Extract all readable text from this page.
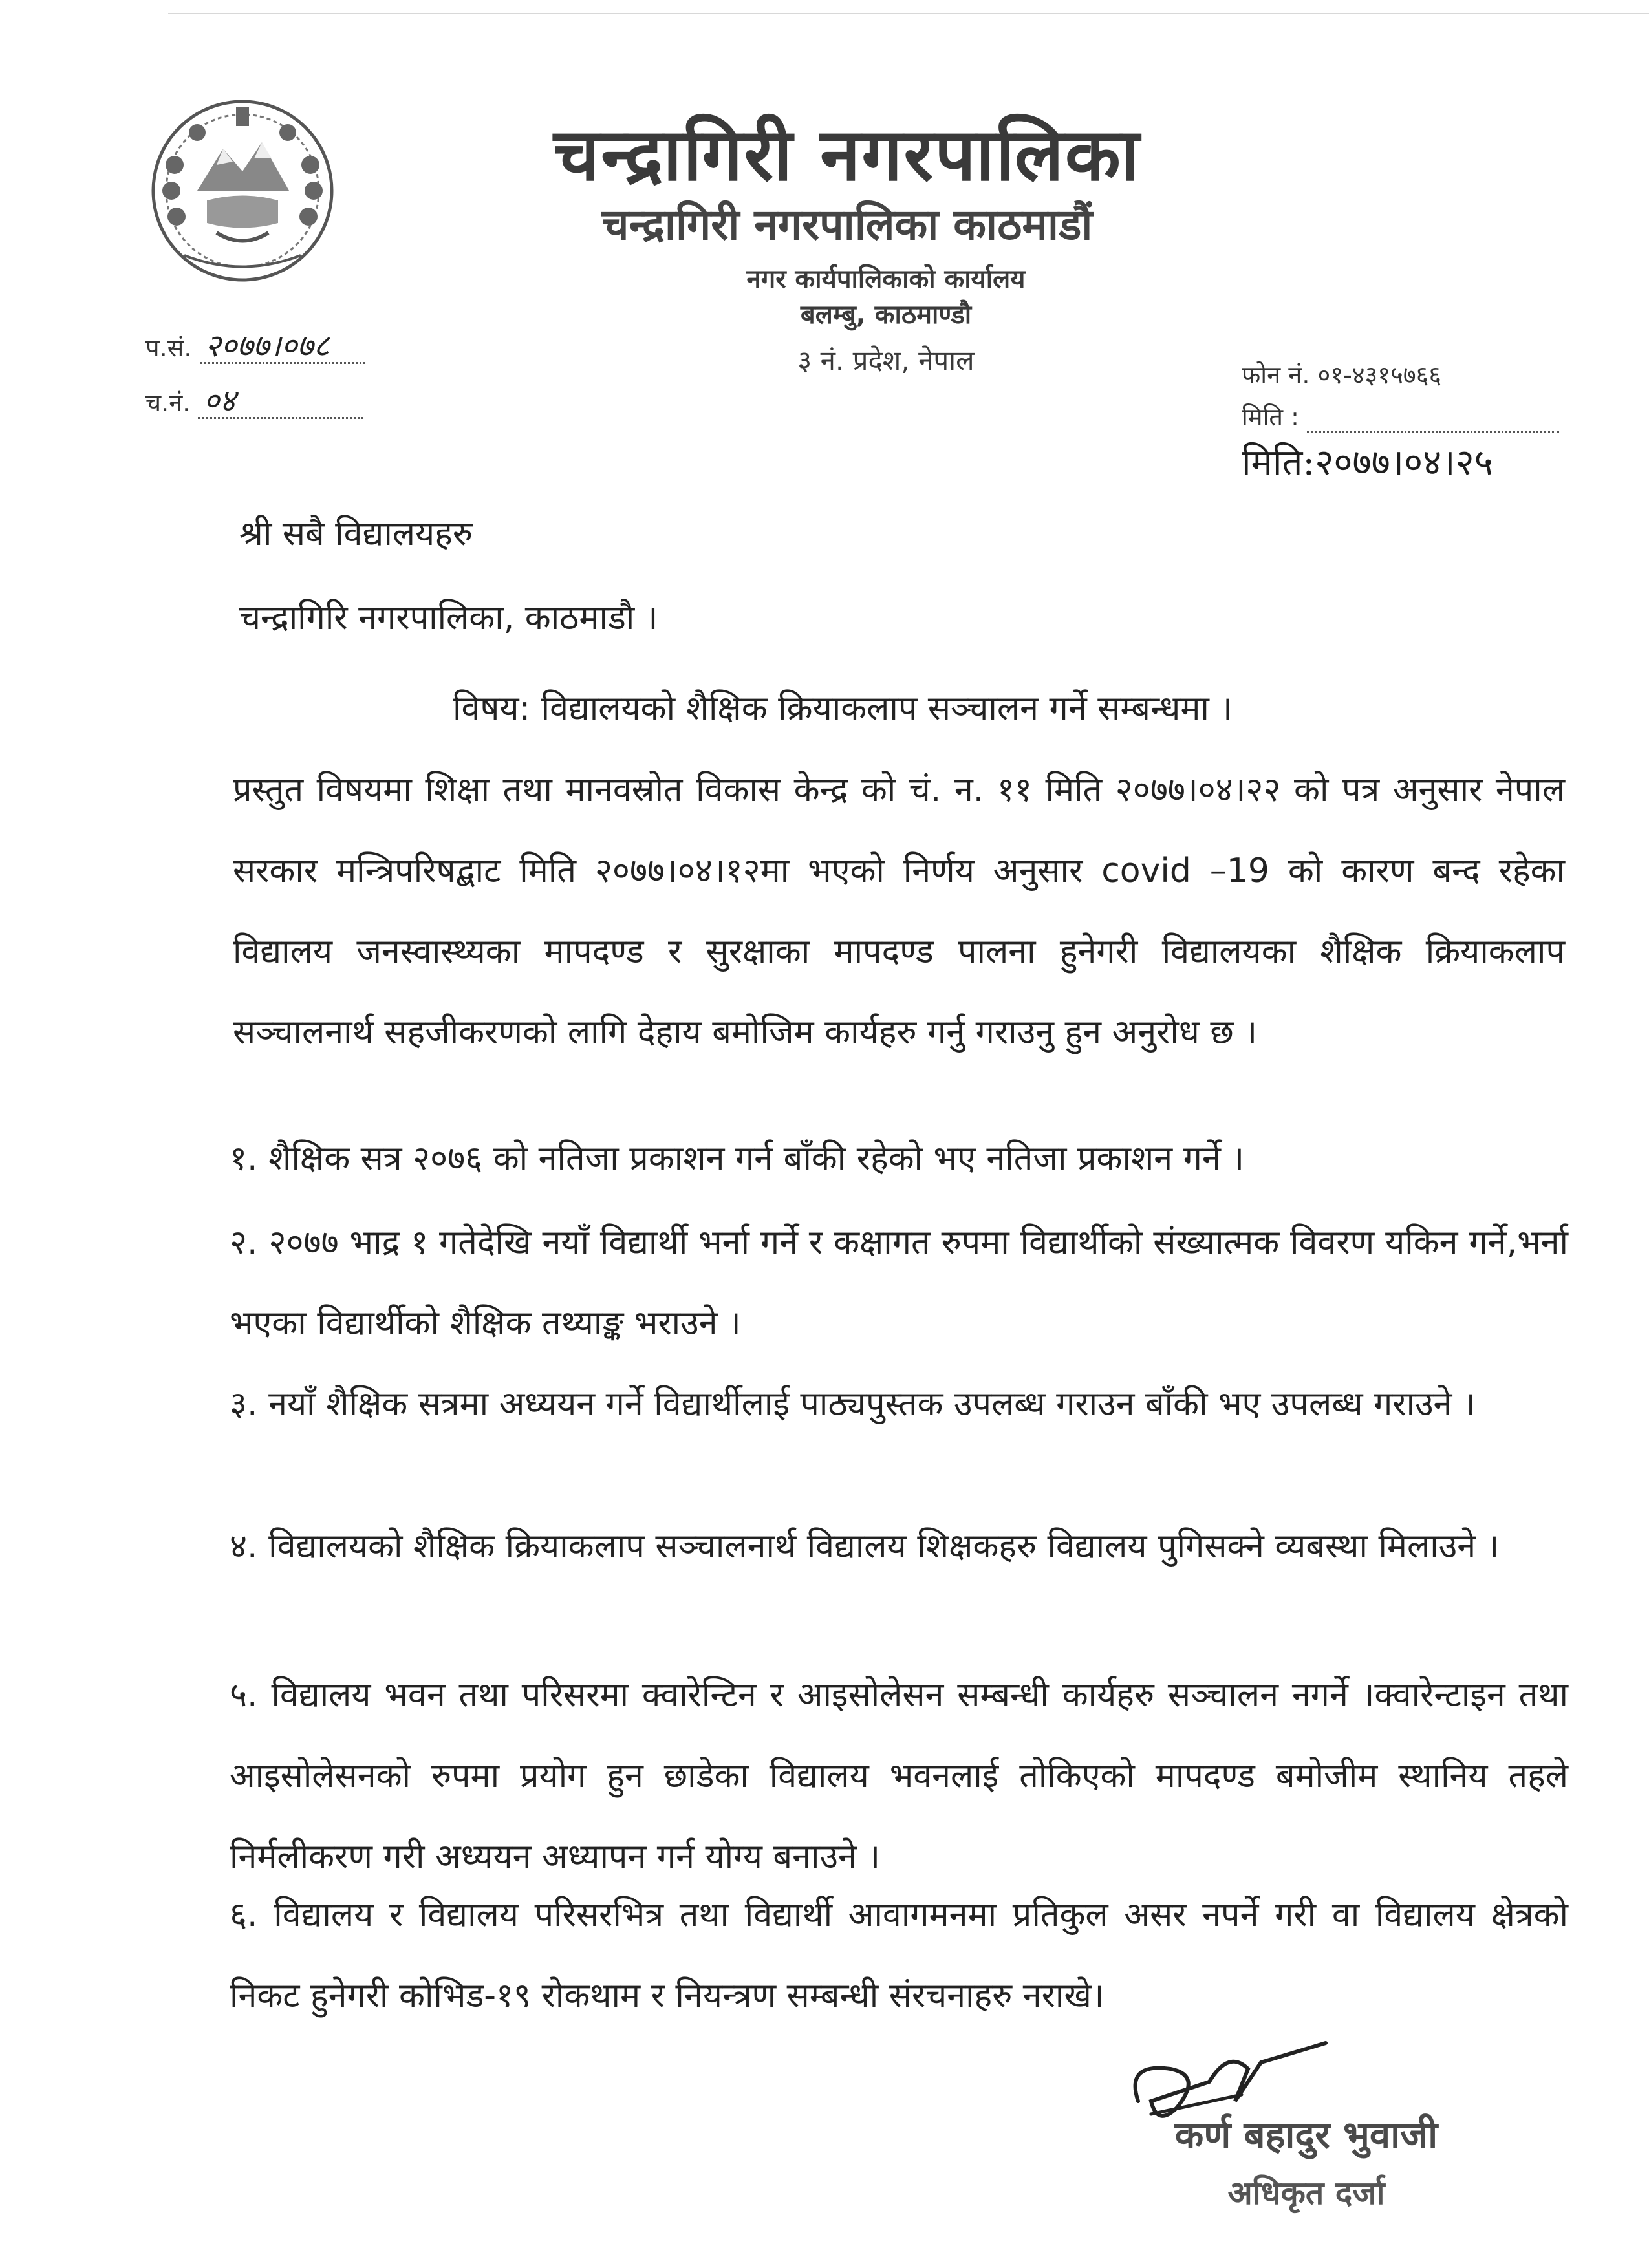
चन्द्रागिरी नगरपालिका
चन्द्रागिरी नगरपालिका काठमाडौं
नगर कार्यपालिकाको कार्यालय
बलम्बु, काठमाण्डौ
३ नं. प्रदेश, नेपाल
प.सं. २०७७।०७८
च.नं. ०४
फोन नं. ०१-४३१५७६६
मिति :
मिति:२०७७।०४।२५
श्री सबै विद्यालयहरु
चन्द्रागिरि नगरपालिका, काठमाडौ ।
विषय: विद्यालयको शैक्षिक क्रियाकलाप सञ्चालन गर्ने सम्बन्धमा ।
प्रस्तुत विषयमा शिक्षा तथा मानवस्रोत विकास केन्द्र को चं. न. ११ मिति २०७७।०४।२२ को पत्र अनुसार नेपाल सरकार मन्त्रिपरिषद्बाट मिति २०७७।०४।१२मा भएको निर्णय अनुसार covid –19 को कारण बन्द रहेका विद्यालय जनस्वास्थ्यका मापदण्ड र सुरक्षाका मापदण्ड पालना हुनेगरी विद्यालयका शैक्षिक क्रियाकलाप सञ्चालनार्थ सहजीकरणको लागि देहाय बमोजिम कार्यहरु गर्नु गराउनु हुन अनुरोध छ ।
१. शैक्षिक सत्र २०७६ को नतिजा प्रकाशन गर्न बाँकी रहेको भए नतिजा प्रकाशन गर्ने ।
२. २०७७ भाद्र १ गतेदेखि नयाँ विद्यार्थी भर्ना गर्ने र कक्षागत रुपमा विद्यार्थीको संख्यात्मक विवरण यकिन गर्ने,भर्ना भएका विद्यार्थीको शैक्षिक तथ्याङ्क भराउने ।
३. नयाँ शैक्षिक सत्रमा अध्ययन गर्ने विद्यार्थीलाई पाठ्यपुस्तक उपलब्ध गराउन बाँकी भए उपलब्ध गराउने ।
४. विद्यालयको शैक्षिक क्रियाकलाप सञ्चालनार्थ विद्यालय शिक्षकहरु विद्यालय पुगिसक्ने व्यबस्था मिलाउने ।
५. विद्यालय भवन तथा परिसरमा क्वारेन्टिन र आइसोलेसन सम्बन्धी कार्यहरु सञ्चालन नगर्ने ।क्वारेन्टाइन तथा आइसोलेसनको रुपमा प्रयोग हुन छाडेका विद्यालय भवनलाई तोकिएको मापदण्ड बमोजीम स्थानिय तहले निर्मलीकरण गरी अध्ययन अध्यापन गर्न योग्य बनाउने ।
६. विद्यालय र विद्यालय परिसरभित्र तथा विद्यार्थी आवागमनमा प्रतिकुल असर नपर्ने गरी वा विद्यालय क्षेत्रको निकट हुनेगरी कोभिड-१९ रोकथाम र नियन्त्रण सम्बन्धी संरचनाहरु नराखे।
कर्ण बहादुर भुवाजी
अधिकृत दर्जा
